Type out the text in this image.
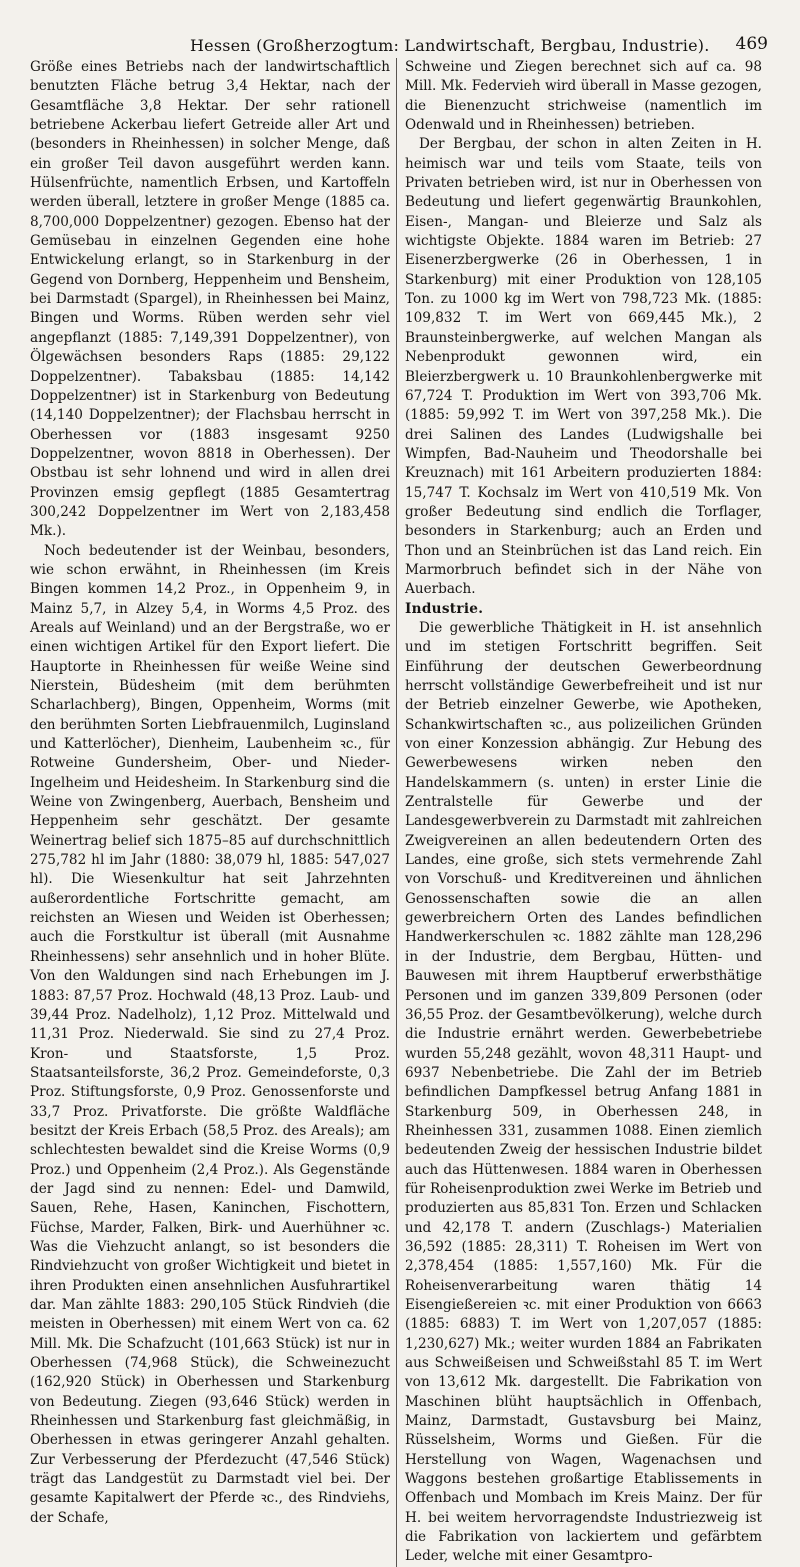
Hessen (Großherzogtum: Landwirtschaft, Bergbau, Industrie). 469

Größe eines Betriebs nach der landwirtschaftlich benutzten Fläche betrug 3,4 Hektar, nach der Gesamtfläche 3,8 Hektar. Der sehr rationell betriebene Ackerbau liefert Getreide aller Art und (besonders in Rheinhessen) in solcher Menge, daß ein großer Teil davon ausgeführt werden kann. Hülsenfrüchte, namentlich Erbsen, und Kartoffeln werden überall, letztere in großer Menge (1885 ca. 8,700,000 Doppelzentner) gezogen. Ebenso hat der Gemüsebau in einzelnen Gegenden eine hohe Entwickelung erlangt, so in Starkenburg in der Gegend von Dornberg, Heppenheim und Bensheim, bei Darmstadt (Spargel), in Rheinhessen bei Mainz, Bingen und Worms. Rüben werden sehr viel angepflanzt (1885: 7,149,391 Doppelzentner), von Ölgewächsen besonders Raps (1885: 29,122 Doppelzentner). Tabaksbau (1885: 14,142 Doppelzentner) ist in Starkenburg von Bedeutung (14,140 Doppelzentner); der Flachsbau herrscht in Oberhessen vor (1883 insgesamt 9250 Doppelzentner, wovon 8818 in Oberhessen). Der Obstbau ist sehr lohnend und wird in allen drei Provinzen emsig gepflegt (1885 Gesamtertrag 300,242 Doppelzentner im Wert von 2,183,458 Mk.).

Noch bedeutender ist der Weinbau, besonders, wie schon erwähnt, in Rheinhessen (im Kreis Bingen kommen 14,2 Proz., in Oppenheim 9, in Mainz 5,7, in Alzey 5,4, in Worms 4,5 Proz. des Areals auf Weinland) und an der Bergstraße, wo er einen wichtigen Artikel für den Export liefert. Die Hauptorte in Rheinhessen für weiße Weine sind Nierstein, Büdesheim (mit dem berühmten Scharlachberg), Bingen, Oppenheim, Worms (mit den berühmten Sorten Liebfrauenmilch, Luginsland und Katterlöcher), Dienheim, Laubenheim ꝛc., für Rotweine Gundersheim, Ober- und Nieder-Ingelheim und Heidesheim. In Starkenburg sind die Weine von Zwingenberg, Auerbach, Bensheim und Heppenheim sehr geschätzt. Der gesamte Weinertrag belief sich 1875–85 auf durchschnittlich 275,782 hl im Jahr (1880: 38,079 hl, 1885: 547,027 hl). Die Wiesenkultur hat seit Jahrzehnten außerordentliche Fortschritte gemacht, am reichsten an Wiesen und Weiden ist Oberhessen; auch die Forstkultur ist überall (mit Ausnahme Rheinhessens) sehr ansehnlich und in hoher Blüte. Von den Waldungen sind nach Erhebungen im J. 1883: 87,57 Proz. Hochwald (48,13 Proz. Laub- und 39,44 Proz. Nadelholz), 1,12 Proz. Mittelwald und 11,31 Proz. Niederwald. Sie sind zu 27,4 Proz. Kron- und Staatsforste, 1,5 Proz. Staatsanteilsforste, 36,2 Proz. Gemeindeforste, 0,3 Proz. Stiftungsforste, 0,9 Proz. Genossenforste und 33,7 Proz. Privatforste. Die größte Waldfläche besitzt der Kreis Erbach (58,5 Proz. des Areals); am schlechtesten bewaldet sind die Kreise Worms (0,9 Proz.) und Oppenheim (2,4 Proz.). Als Gegenstände der Jagd sind zu nennen: Edel- und Damwild, Sauen, Rehe, Hasen, Kaninchen, Fischottern, Füchse, Marder, Falken, Birk- und Auerhühner ꝛc. Was die Viehzucht anlangt, so ist besonders die Rindviehzucht von großer Wichtigkeit und bietet in ihren Produkten einen ansehnlichen Ausfuhrartikel dar. Man zählte 1883: 290,105 Stück Rindvieh (die meisten in Oberhessen) mit einem Wert von ca. 62 Mill. Mk. Die Schafzucht (101,663 Stück) ist nur in Oberhessen (74,968 Stück), die Schweinezucht (162,920 Stück) in Oberhessen und Starkenburg von Bedeutung. Ziegen (93,646 Stück) werden in Rheinhessen und Starkenburg fast gleichmäßig, in Oberhessen in etwas geringerer Anzahl gehalten. Zur Verbesserung der Pferdezucht (47,546 Stück) trägt das Landgestüt zu Darmstadt viel bei. Der gesamte Kapitalwert der Pferde ꝛc., des Rindviehs, der Schafe,

Schweine und Ziegen berechnet sich auf ca. 98 Mill. Mk. Federvieh wird überall in Masse gezogen, die Bienenzucht strichweise (namentlich im Odenwald und in Rheinhessen) betrieben.

Der Bergbau, der schon in alten Zeiten in H. heimisch war und teils vom Staate, teils von Privaten betrieben wird, ist nur in Oberhessen von Bedeutung und liefert gegenwärtig Braunkohlen, Eisen-, Mangan- und Bleierze und Salz als wichtigste Objekte. 1884 waren im Betrieb: 27 Eisenerzbergwerke (26 in Oberhessen, 1 in Starkenburg) mit einer Produktion von 128,105 Ton. zu 1000 kg im Wert von 798,723 Mk. (1885: 109,832 T. im Wert von 669,445 Mk.), 2 Braunsteinbergwerke, auf welchen Mangan als Nebenprodukt gewonnen wird, ein Bleierzbergwerk u. 10 Braunkohlenbergwerke mit 67,724 T. Produktion im Wert von 393,706 Mk. (1885: 59,992 T. im Wert von 397,258 Mk.). Die drei Salinen des Landes (Ludwigshalle bei Wimpfen, Bad-Nauheim und Theodorshalle bei Kreuznach) mit 161 Arbeitern produzierten 1884: 15,747 T. Kochsalz im Wert von 410,519 Mk. Von großer Bedeutung sind endlich die Torflager, besonders in Starkenburg; auch an Erden und Thon und an Steinbrüchen ist das Land reich. Ein Marmorbruch befindet sich in der Nähe von Auerbach.

Industrie.

Die gewerbliche Thätigkeit in H. ist ansehnlich und im stetigen Fortschritt begriffen. Seit Einführung der deutschen Gewerbeordnung herrscht vollständige Gewerbefreiheit und ist nur der Betrieb einzelner Gewerbe, wie Apotheken, Schankwirtschaften ꝛc., aus polizeilichen Gründen von einer Konzession abhängig. Zur Hebung des Gewerbewesens wirken neben den Handelskammern (s. unten) in erster Linie die Zentralstelle für Gewerbe und der Landesgewerbverein zu Darmstadt mit zahlreichen Zweigvereinen an allen bedeutendern Orten des Landes, eine große, sich stets vermehrende Zahl von Vorschuß- und Kreditvereinen und ähnlichen Genossenschaften sowie die an allen gewerbreichern Orten des Landes befindlichen Handwerkerschulen ꝛc. 1882 zählte man 128,296 in der Industrie, dem Bergbau, Hütten- und Bauwesen mit ihrem Hauptberuf erwerbsthätige Personen und im ganzen 339,809 Personen (oder 36,55 Proz. der Gesamtbevölkerung), welche durch die Industrie ernährt werden. Gewerbebetriebe wurden 55,248 gezählt, wovon 48,311 Haupt- und 6937 Nebenbetriebe. Die Zahl der im Betrieb befindlichen Dampfkessel betrug Anfang 1881 in Starkenburg 509, in Oberhessen 248, in Rheinhessen 331, zusammen 1088. Einen ziemlich bedeutenden Zweig der hessischen Industrie bildet auch das Hüttenwesen. 1884 waren in Oberhessen für Roheisenproduktion zwei Werke im Betrieb und produzierten aus 85,831 Ton. Erzen und Schlacken und 42,178 T. andern (Zuschlags-) Materialien 36,592 (1885: 28,311) T. Roheisen im Wert von 2,378,454 (1885: 1,557,160) Mk. Für die Roheisenverarbeitung waren thätig 14 Eisengießereien ꝛc. mit einer Produktion von 6663 (1885: 6883) T. im Wert von 1,207,057 (1885: 1,230,627) Mk.; weiter wurden 1884 an Fabrikaten aus Schweißeisen und Schweißstahl 85 T. im Wert von 13,612 Mk. dargestellt. Die Fabrikation von Maschinen blüht hauptsächlich in Offenbach, Mainz, Darmstadt, Gustavsburg bei Mainz, Rüsselsheim, Worms und Gießen. Für die Herstellung von Wagen, Wagenachsen und Waggons bestehen großartige Etablissements in Offenbach und Mombach im Kreis Mainz. Der für H. bei weitem hervorragendste Industriezweig ist die Fabrikation von lackiertem und gefärbtem Leder, welche mit einer Gesamtpro-
